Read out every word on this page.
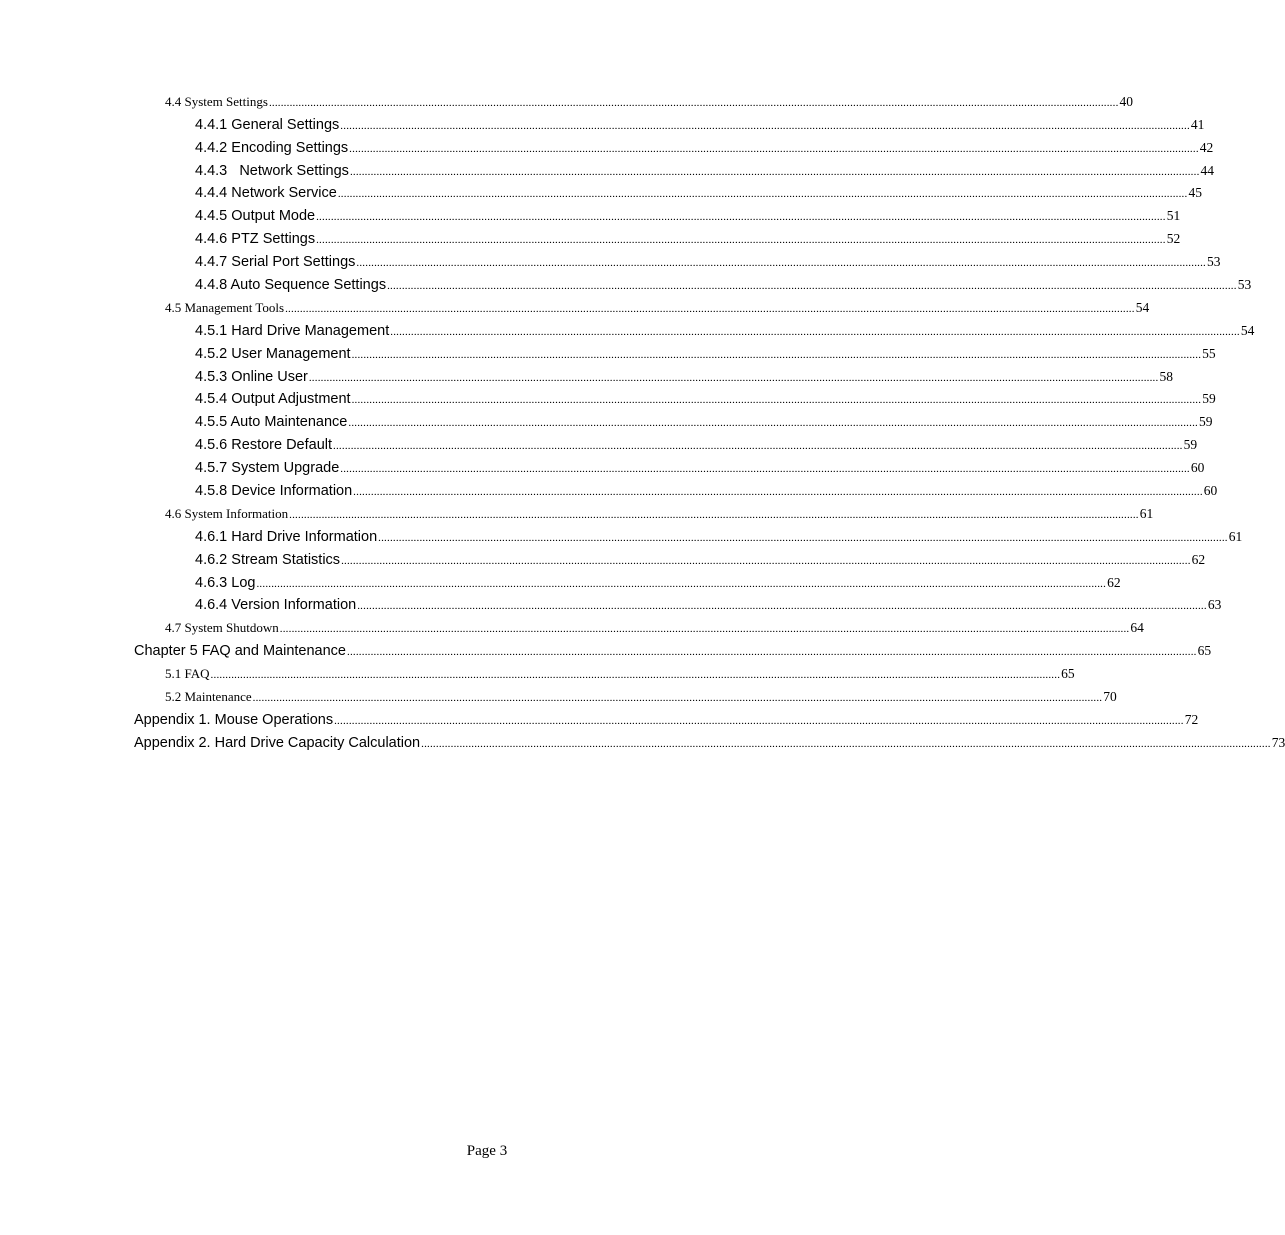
4.4 System Settings ................................................................................................................................................................................................................................................................................................ 40
4.4.1 General Settings ................................................................................................................................................................................................................................................................................................ 41
4.4.2 Encoding Settings ................................................................................................................................................................................................................................................................................................ 42
4.4.3   Network Settings ................................................................................................................................................................................................................................................................................................ 44
4.4.4 Network Service ................................................................................................................................................................................................................................................................................................ 45
4.4.5 Output Mode ................................................................................................................................................................................................................................................................................................ 51
4.4.6 PTZ Settings ................................................................................................................................................................................................................................................................................................ 52
4.4.7 Serial Port Settings ................................................................................................................................................................................................................................................................................................ 53
4.4.8 Auto Sequence Settings ................................................................................................................................................................................................................................................................................................ 53
4.5 Management Tools ................................................................................................................................................................................................................................................................................................ 54
4.5.1 Hard Drive Management ................................................................................................................................................................................................................................................................................................ 54
4.5.2 User Management ................................................................................................................................................................................................................................................................................................ 55
4.5.3 Online User ................................................................................................................................................................................................................................................................................................ 58
4.5.4 Output Adjustment ................................................................................................................................................................................................................................................................................................ 59
4.5.5 Auto Maintenance ................................................................................................................................................................................................................................................................................................ 59
4.5.6 Restore Default ................................................................................................................................................................................................................................................................................................ 59
4.5.7 System Upgrade ................................................................................................................................................................................................................................................................................................ 60
4.5.8 Device Information ................................................................................................................................................................................................................................................................................................ 60
4.6 System Information ................................................................................................................................................................................................................................................................................................ 61
4.6.1 Hard Drive Information ................................................................................................................................................................................................................................................................................................ 61
4.6.2 Stream Statistics ................................................................................................................................................................................................................................................................................................ 62
4.6.3 Log ................................................................................................................................................................................................................................................................................................ 62
4.6.4 Version Information ................................................................................................................................................................................................................................................................................................ 63
4.7 System Shutdown ................................................................................................................................................................................................................................................................................................ 64
Chapter 5 FAQ and Maintenance ................................................................................................................................................................................................................................................................................................ 65
5.1 FAQ ................................................................................................................................................................................................................................................................................................ 65
5.2 Maintenance ................................................................................................................................................................................................................................................................................................ 70
Appendix 1. Mouse Operations ................................................................................................................................................................................................................................................................................................ 72
Appendix 2. Hard Drive Capacity Calculation ................................................................................................................................................................................................................................................................................................ 73
Page 3
